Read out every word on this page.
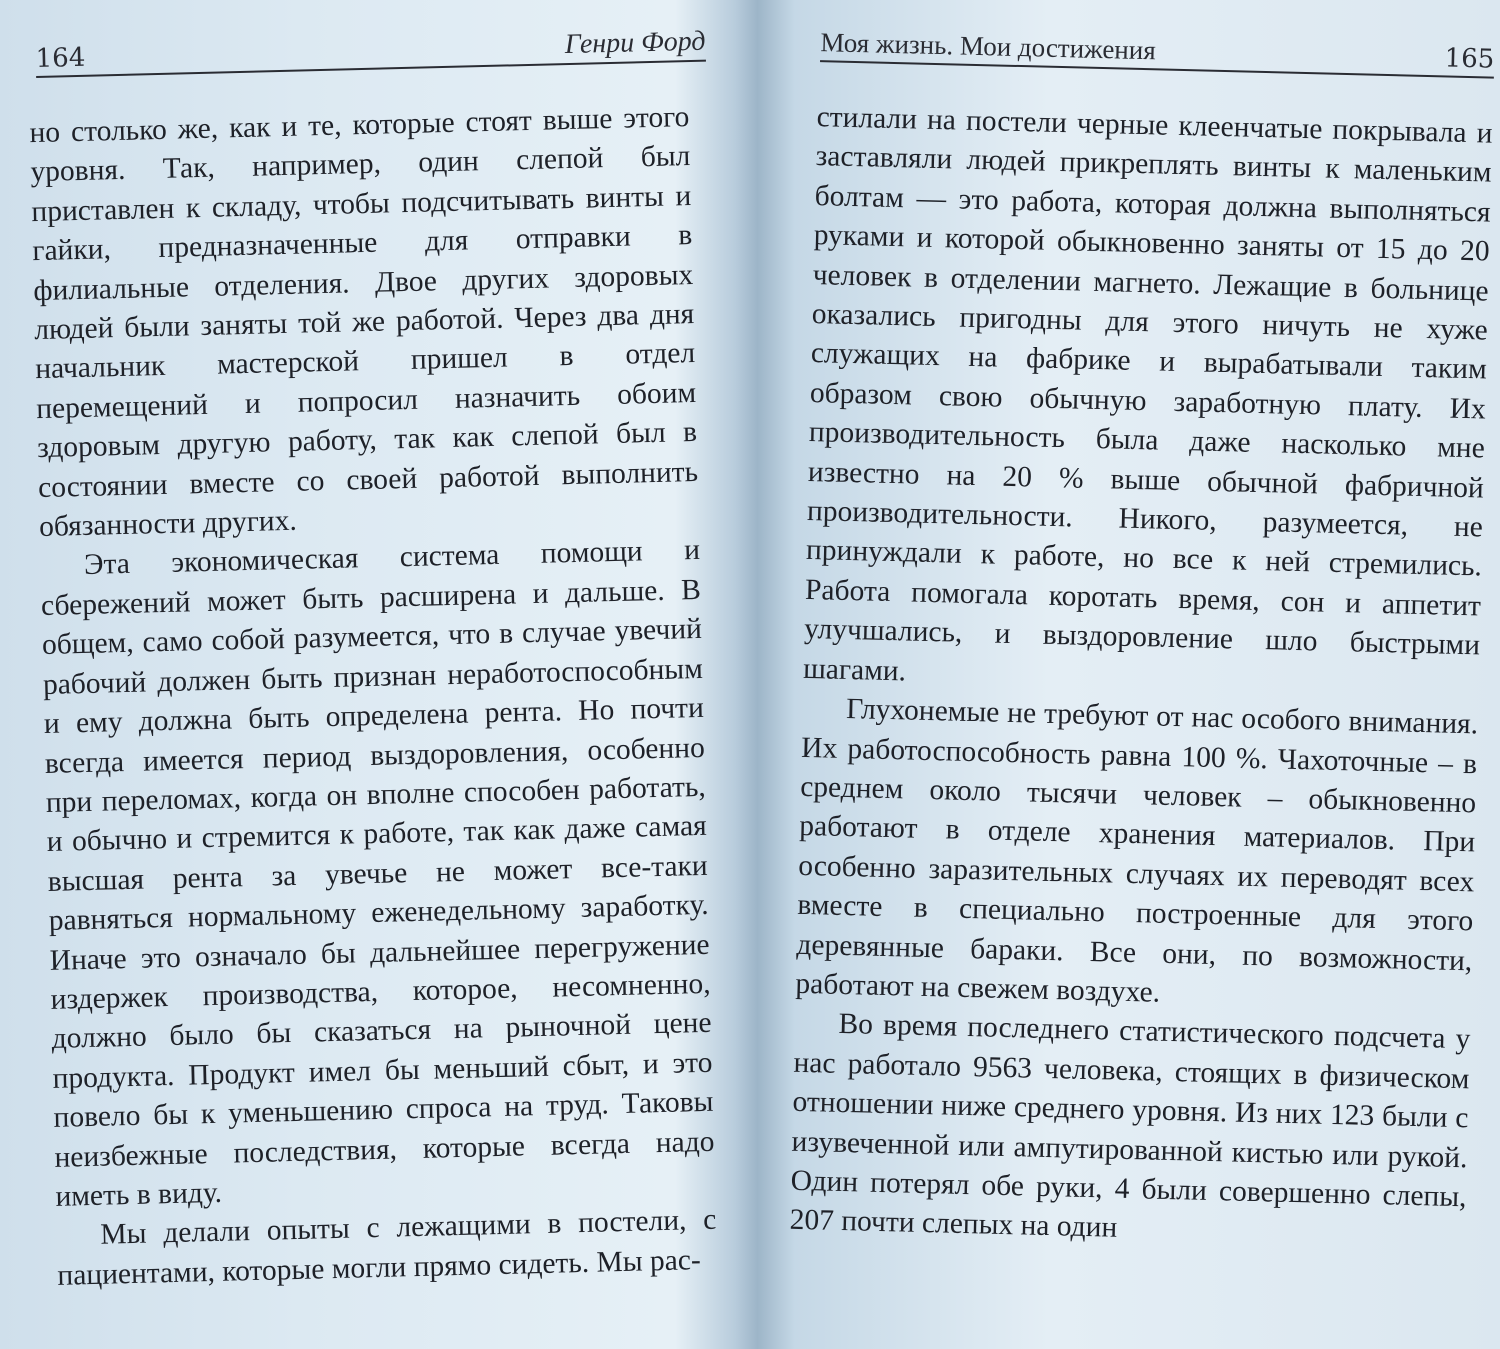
164	Генри Форд

но столько же, как и те, которые стоят выше этого уровня. Так, например, один слепой был приставлен к складу, чтобы подсчитывать винты и гайки, предназначенные для отправки в филиальные отделения. Двое других здоровых людей были заняты той же работой. Через два дня начальник мастерской пришел в отдел перемещений и попросил назначить обоим здоровым другую работу, так как слепой был в состоянии вместе со своей работой выполнить обязанности других.

Эта экономическая система помощи и сбережений может быть расширена и дальше. В общем, само собой разумеется, что в случае увечий рабочий должен быть признан неработоспособным и ему должна быть определена рента. Но почти всегда имеется период выздоровления, особенно при переломах, когда он вполне способен работать, и обычно и стремится к работе, так как даже самая высшая рента за увечье не может все-таки равняться нормальному еженедельному заработку. Иначе это означало бы дальнейшее перегружение издержек производства, которое, несомненно, должно было бы сказаться на рыночной цене продукта. Продукт имел бы меньший сбыт, и это повело бы к уменьшению спроса на труд. Таковы неизбежные последствия, которые всегда надо иметь в виду.

Мы делали опыты с лежащими в постели, с пациентами, которые могли прямо сидеть. Мы рас-

Моя жизнь. Мои достижения	165

стилали на постели черные клеенчатые покрывала и заставляли людей прикреплять винты к маленьким болтам — это работа, которая должна выполняться руками и которой обыкновенно заняты от 15 до 20 человек в отделении магнето. Лежащие в больнице оказались пригодны для этого ничуть не хуже служащих на фабрике и вырабатывали таким образом свою обычную заработную плату. Их производительность была даже насколько мне известно на 20 % выше обычной фабричной производительности. Никого, разумеется, не принуждали к работе, но все к ней стремились. Работа помогала коротать время, сон и аппетит улучшались, и выздоровление шло быстрыми шагами.

Глухонемые не требуют от нас особого внимания. Их работоспособность равна 100 %. Чахоточные – в среднем около тысячи человек – обыкновенно работают в отделе хранения материалов. При особенно заразительных случаях их переводят всех вместе в специально построенные для этого деревянные бараки. Все они, по возможности, работают на свежем воздухе.

Во время последнего статистического подсчета у нас работало 9563 человека, стоящих в физическом отношении ниже среднего уровня. Из них 123 были с изувеченной или ампутированной кистью или рукой. Один потерял обе руки, 4 были совершенно слепы, 207 почти слепых на один
